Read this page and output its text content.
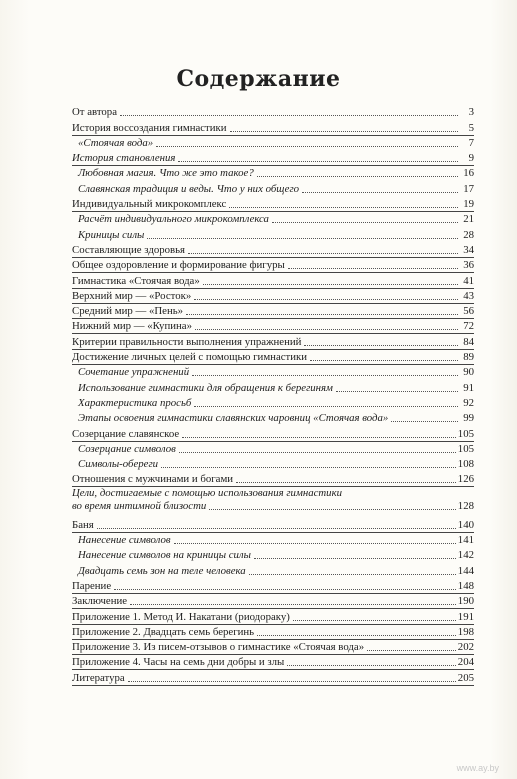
Содержание
От автора	3
История воссоздания гимнастики	5
«Стоячая вода»	7
История становления	9
Любовная магия. Что же это такое?	16
Славянская традиция и веды. Что у них общего	17
Индивидуальный микрокомплекс	19
Расчёт индивидуального микрокомплекса	21
Криницы силы	28
Составляющие здоровья	34
Общее оздоровление и формирование фигуры	36
Гимнастика «Стоячая вода»	41
Верхний мир — «Росток»	43
Средний мир — «Пень»	56
Нижний мир — «Купина»	72
Критерии правильности выполнения упражнений	84
Достижение личных целей с помощью гимнастики	89
Сочетание упражнений	90
Использование гимнастики для обращения к берегиням	91
Характеристика просьб	92
Этапы освоения гимнастики славянских чаровниц «Стоячая вода»	99
Созерцание славянское	105
Созерцание символов	105
Символы-обереги	108
Отношения с мужчинами и богами	126
Цели, достигаемые с помощью использования гимнастики
во время интимной близости	128
Баня	140
Нанесение символов	141
Нанесение символов на криницы силы	142
Двадцать семь зон на теле человека	144
Парение	148
Заключение	190
Приложение 1. Метод И. Накатани (риодораку)	191
Приложение 2. Двадцать семь берегинь	198
Приложение 3. Из писем-отзывов о гимнастике «Стоячая вода»	202
Приложение 4. Часы на семь дни добры и злы	204
Литература	205
www.ay.by
